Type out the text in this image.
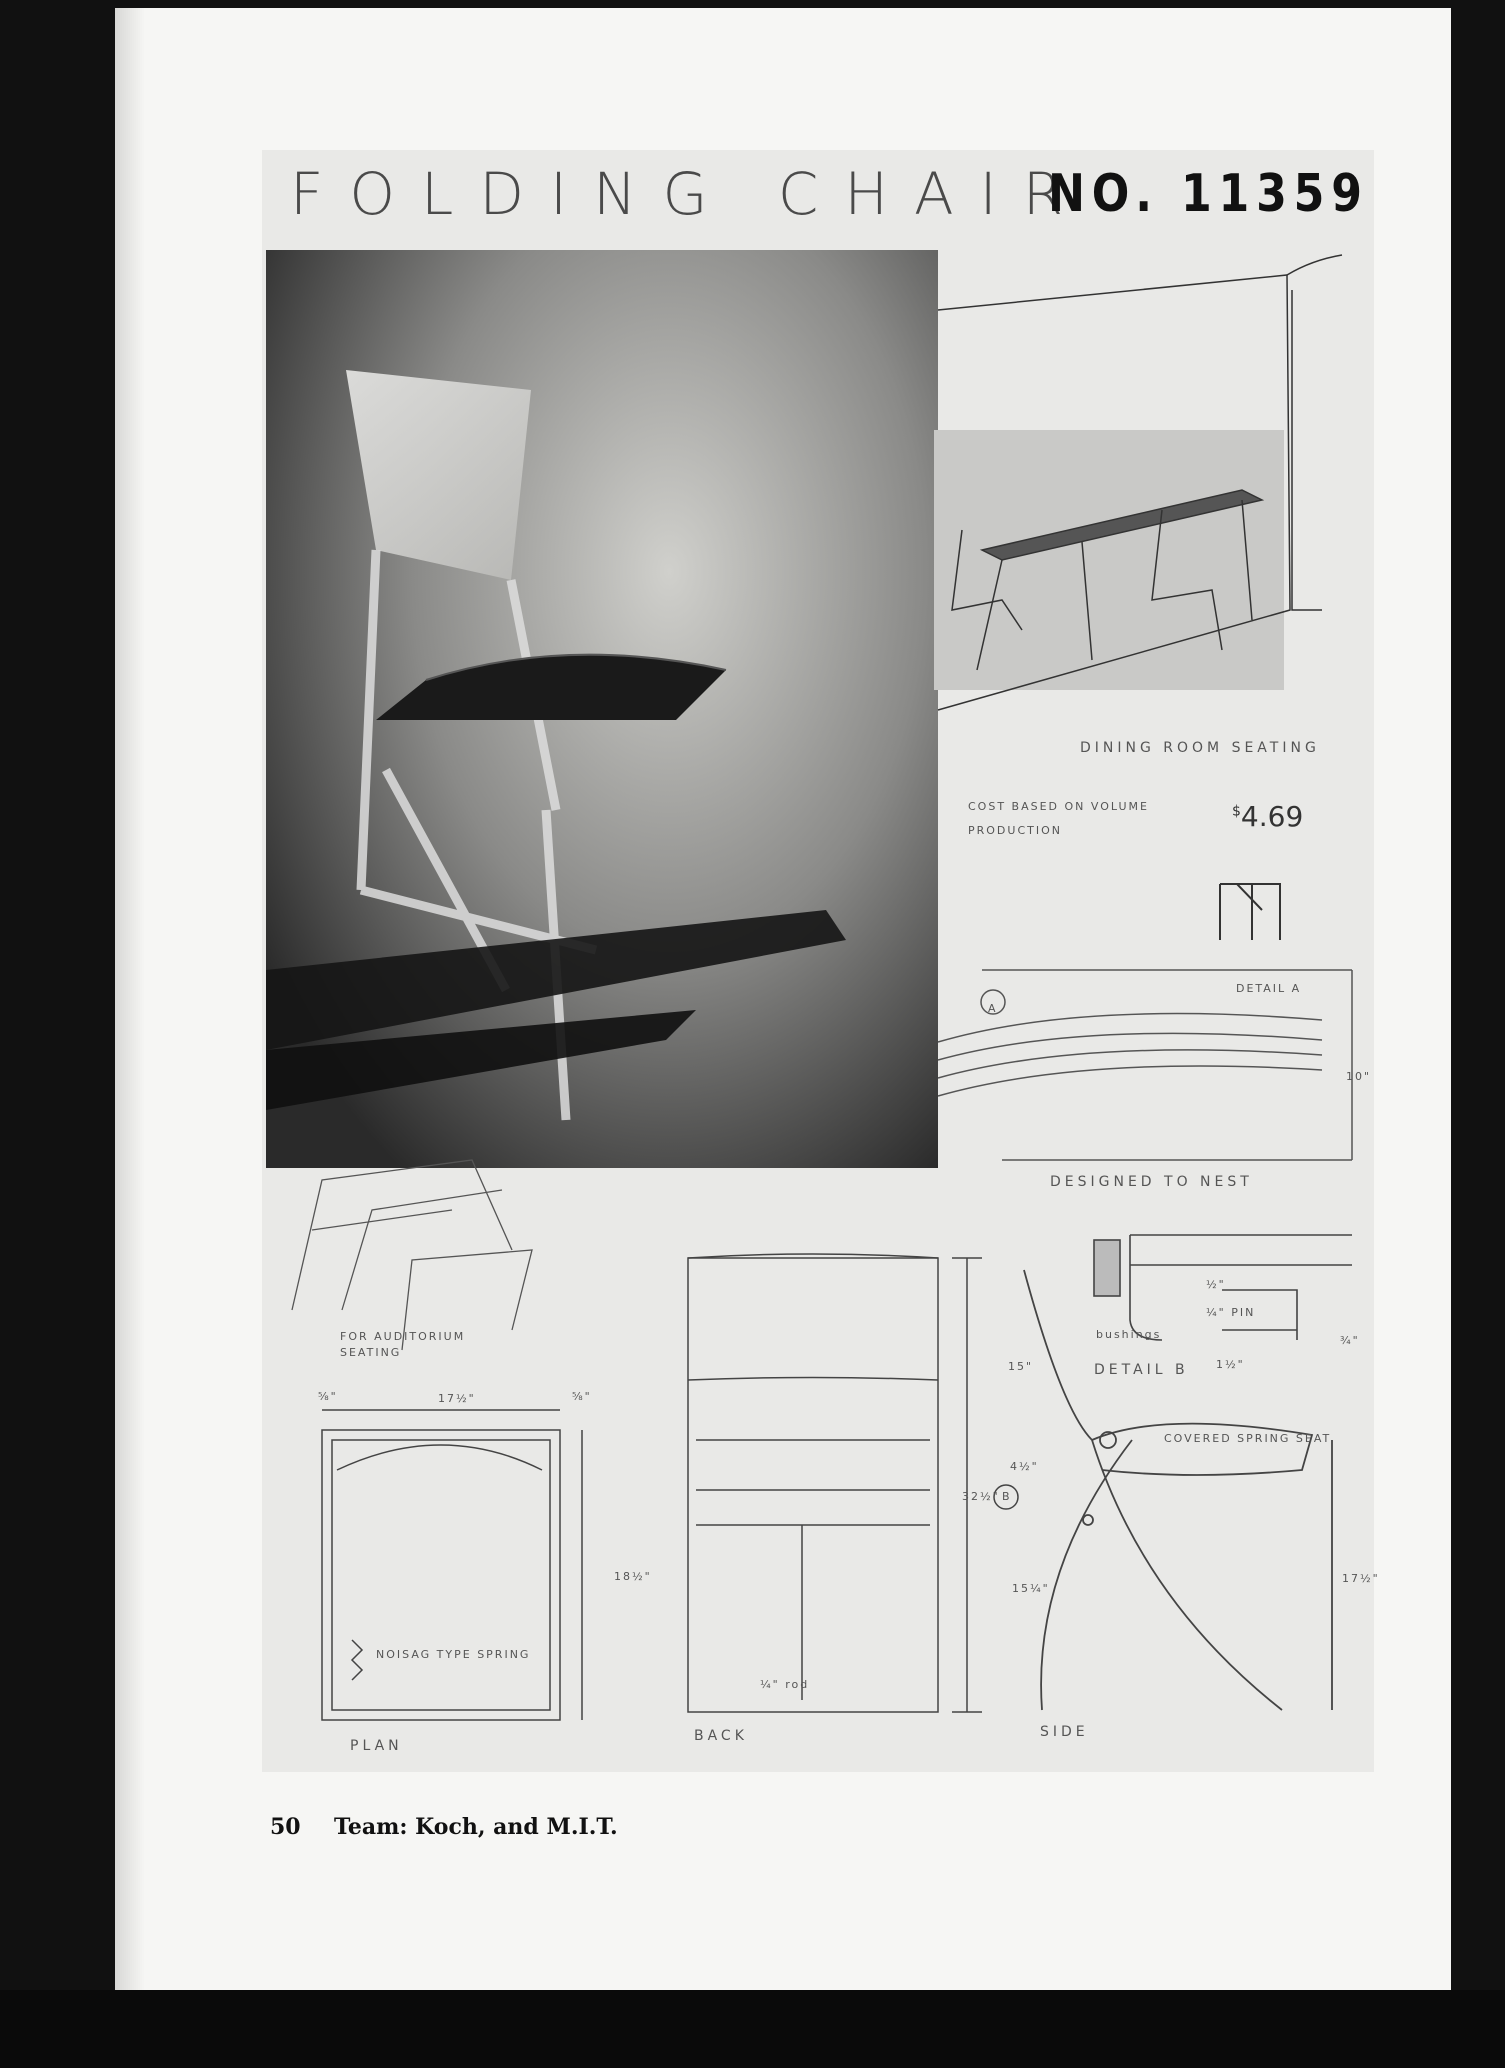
FOLDING CHAIR
NO. 11359
DINING ROOM SEATING
COST BASED ON VOLUME
PRODUCTION
$4.69
DETAIL A
A
10"
DESIGNED TO NEST
FOR AUDITORIUM
SEATING
bushings
DETAIL B
COVERED SPRING SEAT
B
¼" rod
¼" PIN
NOISAG TYPE SPRING
PLAN
BACK	SIDE
17½"
⅝"	⅝"
18½"
15"
4½"
32½"
15¼"
17½"
1½"
½"
¾"
50 Team: Koch, and M.I.T.
